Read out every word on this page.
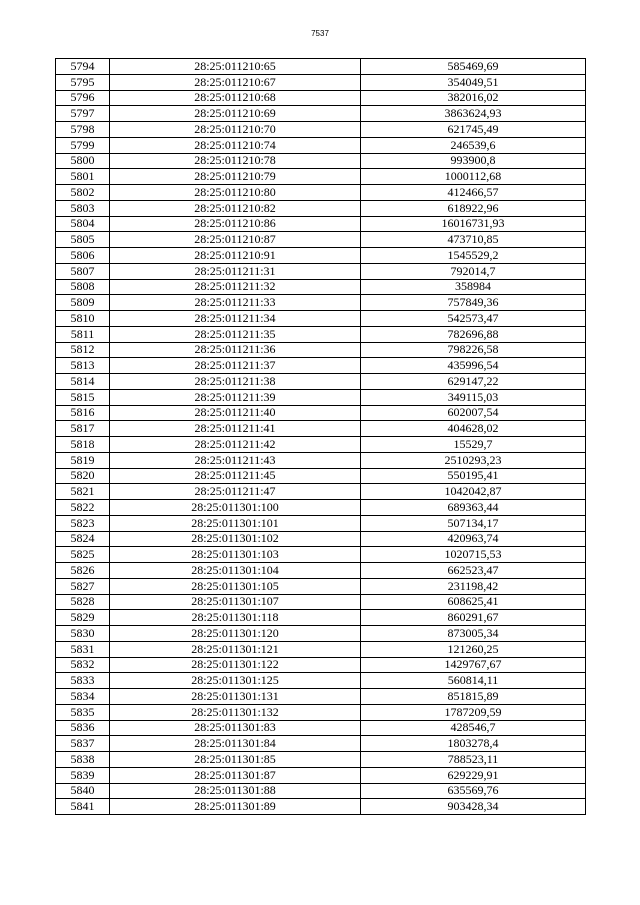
7537
5794	28:25:011210:65	585469,69
5795	28:25:011210:67	354049,51
5796	28:25:011210:68	382016,02
5797	28:25:011210:69	3863624,93
5798	28:25:011210:70	621745,49
5799	28:25:011210:74	246539,6
5800	28:25:011210:78	993900,8
5801	28:25:011210:79	1000112,68
5802	28:25:011210:80	412466,57
5803	28:25:011210:82	618922,96
5804	28:25:011210:86	16016731,93
5805	28:25:011210:87	473710,85
5806	28:25:011210:91	1545529,2
5807	28:25:011211:31	792014,7
5808	28:25:011211:32	358984
5809	28:25:011211:33	757849,36
5810	28:25:011211:34	542573,47
5811	28:25:011211:35	782696,88
5812	28:25:011211:36	798226,58
5813	28:25:011211:37	435996,54
5814	28:25:011211:38	629147,22
5815	28:25:011211:39	349115,03
5816	28:25:011211:40	602007,54
5817	28:25:011211:41	404628,02
5818	28:25:011211:42	15529,7
5819	28:25:011211:43	2510293,23
5820	28:25:011211:45	550195,41
5821	28:25:011211:47	1042042,87
5822	28:25:011301:100	689363,44
5823	28:25:011301:101	507134,17
5824	28:25:011301:102	420963,74
5825	28:25:011301:103	1020715,53
5826	28:25:011301:104	662523,47
5827	28:25:011301:105	231198,42
5828	28:25:011301:107	608625,41
5829	28:25:011301:118	860291,67
5830	28:25:011301:120	873005,34
5831	28:25:011301:121	121260,25
5832	28:25:011301:122	1429767,67
5833	28:25:011301:125	560814,11
5834	28:25:011301:131	851815,89
5835	28:25:011301:132	1787209,59
5836	28:25:011301:83	428546,7
5837	28:25:011301:84	1803278,4
5838	28:25:011301:85	788523,11
5839	28:25:011301:87	629229,91
5840	28:25:011301:88	635569,76
5841	28:25:011301:89	903428,34
